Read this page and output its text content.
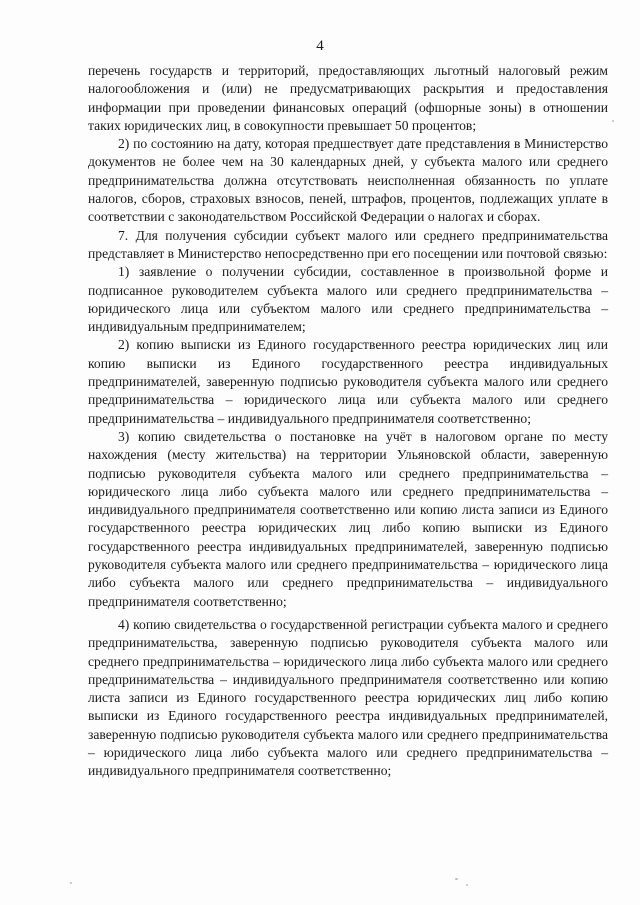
4

перечень государств и территорий, предоставляющих льготный налоговый режим налогообложения и (или) не предусматривающих раскрытия и предоставления информации при проведении финансовых операций (офшорные зоны) в отношении таких юридических лиц, в совокупности превышает 50 процентов;

2) по состоянию на дату, которая предшествует дате представления в Министерство документов не более чем на 30 календарных дней, у субъекта малого или среднего предпринимательства должна отсутствовать неисполненная обязанность по уплате налогов, сборов, страховых взносов, пеней, штрафов, процентов, подлежащих уплате в соответствии с законодательством Российской Федерации о налогах и сборах.

7. Для получения субсидии субъект малого или среднего предпринимательства представляет в Министерство непосредственно при его посещении или почтовой связью:

1) заявление о получении субсидии, составленное в произвольной форме и подписанное руководителем субъекта малого или среднего предпринимательства – юридического лица или субъектом малого или среднего предпринимательства – индивидуальным предпринимателем;

2) копию выписки из Единого государственного реестра юридических лиц или копию выписки из Единого государственного реестра индивидуальных предпринимателей, заверенную подписью руководителя субъекта малого или среднего предпринимательства – юридического лица или субъекта малого или среднего предпринимательства – индивидуального предпринимателя соответственно;

3) копию свидетельства о постановке на учёт в налоговом органе по месту нахождения (месту жительства) на территории Ульяновской области, заверенную подписью руководителя субъекта малого или среднего предпринимательства – юридического лица либо субъекта малого или среднего предпринимательства – индивидуального предпринимателя соответственно или копию листа записи из Единого государственного реестра юридических лиц либо копию выписки из Единого государственного реестра индивидуальных предпринимателей, заверенную подписью руководителя субъекта малого или среднего предпринимательства – юридического лица либо субъекта малого или среднего предпринимательства – индивидуального предпринимателя соответственно;

4) копию свидетельства о государственной регистрации субъекта малого и среднего предпринимательства, заверенную подписью руководителя субъекта малого или среднего предпринимательства – юридического лица либо субъекта малого или среднего предпринимательства – индивидуального предпринимателя соответственно или копию листа записи из Единого государственного реестра юридических лиц либо копию выписки из Единого государственного реестра индивидуальных предпринимателей, заверенную подписью руководителя субъекта малого или среднего предпринимательства – юридического лица либо субъекта малого или среднего предпринимательства – индивидуального предпринимателя соответственно;
